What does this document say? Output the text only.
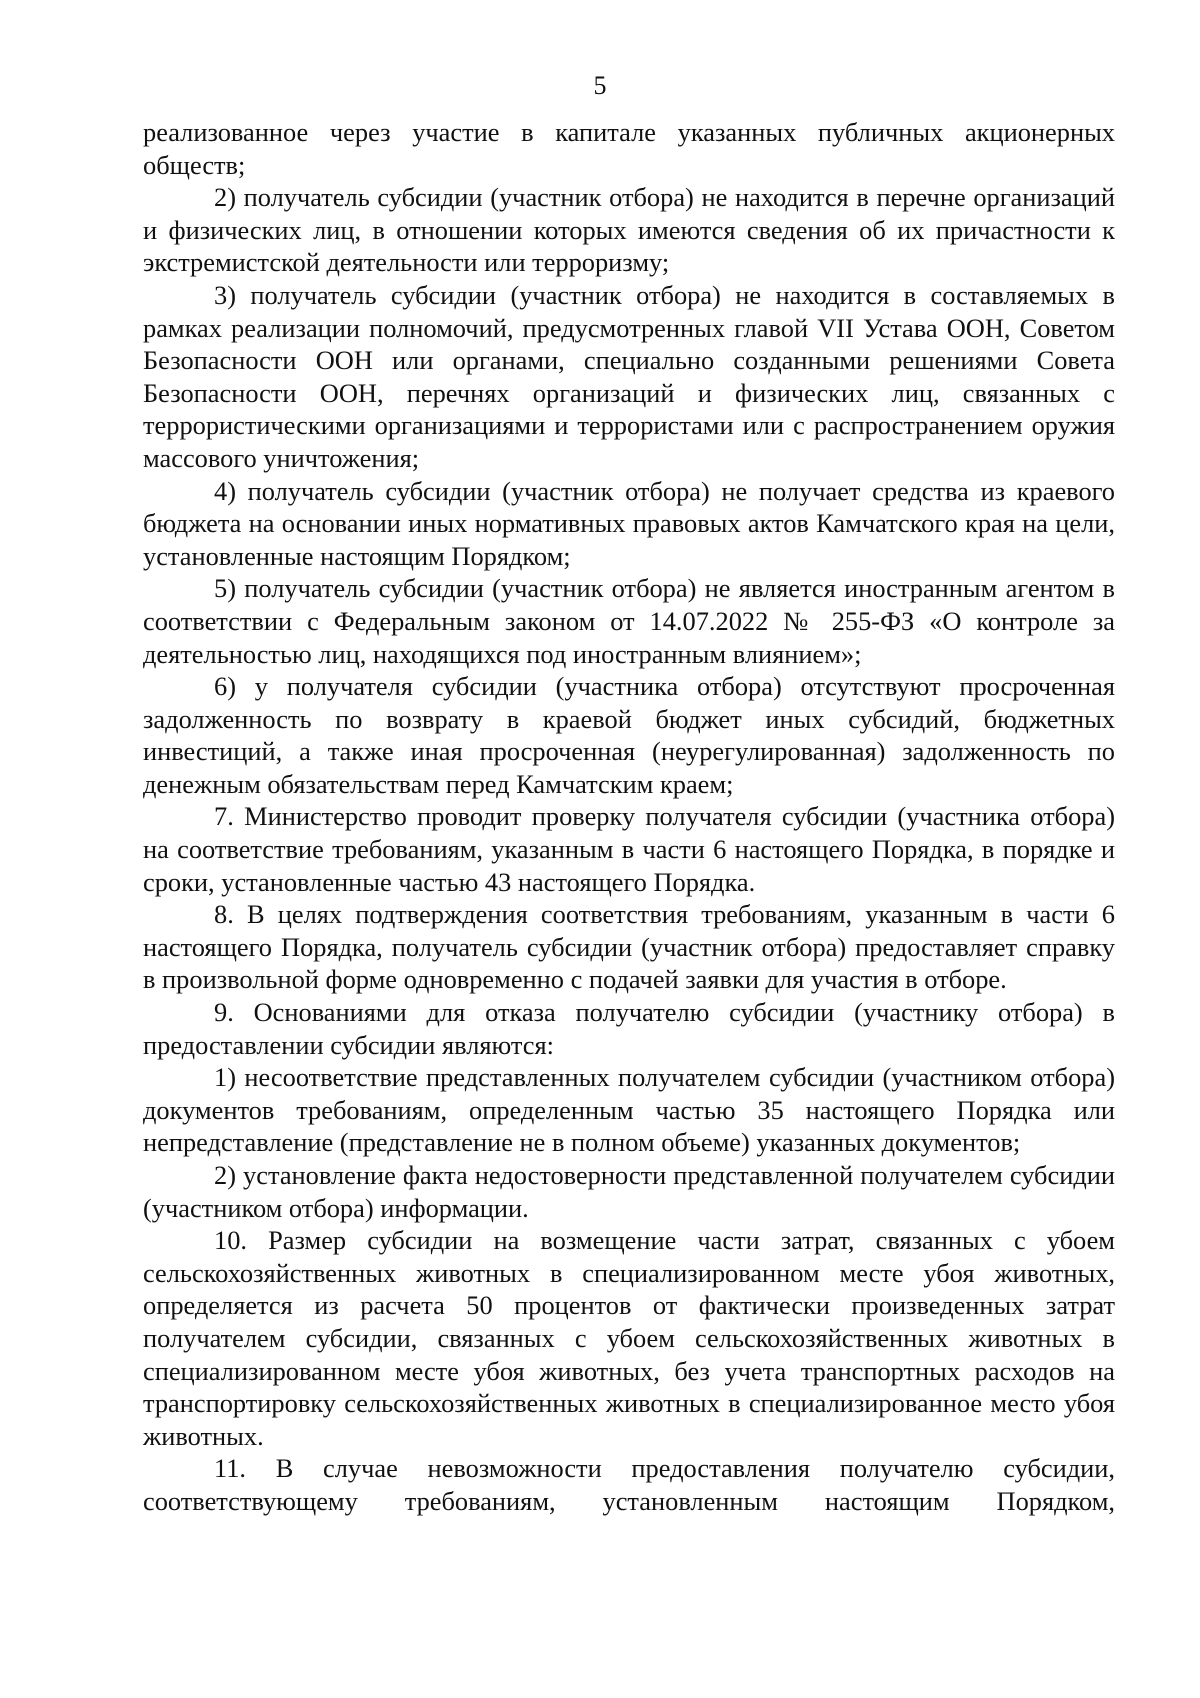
5

реализованное через участие в капитале указанных публичных акционерных обществ;

2) получатель субсидии (участник отбора) не находится в перечне организаций и физических лиц, в отношении которых имеются сведения об их причастности к экстремистской деятельности или терроризму;

3) получатель субсидии (участник отбора) не находится в составляемых в рамках реализации полномочий, предусмотренных главой VII Устава ООН, Советом Безопасности ООН или органами, специально созданными решениями Совета Безопасности ООН, перечнях организаций и физических лиц, связанных с террористическими организациями и террористами или с распространением оружия массового уничтожения;

4) получатель субсидии (участник отбора) не получает средства из краевого бюджета на основании иных нормативных правовых актов Камчатского края на цели, установленные настоящим Порядком;

5) получатель субсидии (участник отбора) не является иностранным агентом в соответствии с Федеральным законом от 14.07.2022 № 255-ФЗ «О контроле за деятельностью лиц, находящихся под иностранным влиянием»;

6) у получателя субсидии (участника отбора) отсутствуют просроченная задолженность по возврату в краевой бюджет иных субсидий, бюджетных инвестиций, а также иная просроченная (неурегулированная) задолженность по денежным обязательствам перед Камчатским краем;

7. Министерство проводит проверку получателя субсидии (участника отбора) на соответствие требованиям, указанным в части 6 настоящего Порядка, в порядке и сроки, установленные частью 43 настоящего Порядка.

8. В целях подтверждения соответствия требованиям, указанным в части 6 настоящего Порядка, получатель субсидии (участник отбора) предоставляет справку в произвольной форме одновременно с подачей заявки для участия в отборе.

9. Основаниями для отказа получателю субсидии (участнику отбора) в предоставлении субсидии являются:

1) несоответствие представленных получателем субсидии (участником отбора) документов требованиям, определенным частью 35 настоящего Порядка или непредставление (представление не в полном объеме) указанных документов;

2) установление факта недостоверности представленной получателем субсидии (участником отбора) информации.

10. Размер субсидии на возмещение части затрат, связанных с убоем сельскохозяйственных животных в специализированном месте убоя животных, определяется из расчета 50 процентов от фактически произведенных затрат получателем субсидии, связанных с убоем сельскохозяйственных животных в специализированном месте убоя животных, без учета транспортных расходов на транспортировку сельскохозяйственных животных в специализированное место убоя животных.

11. В случае невозможности предоставления получателю субсидии, соответствующему требованиям, установленным настоящим Порядком,
